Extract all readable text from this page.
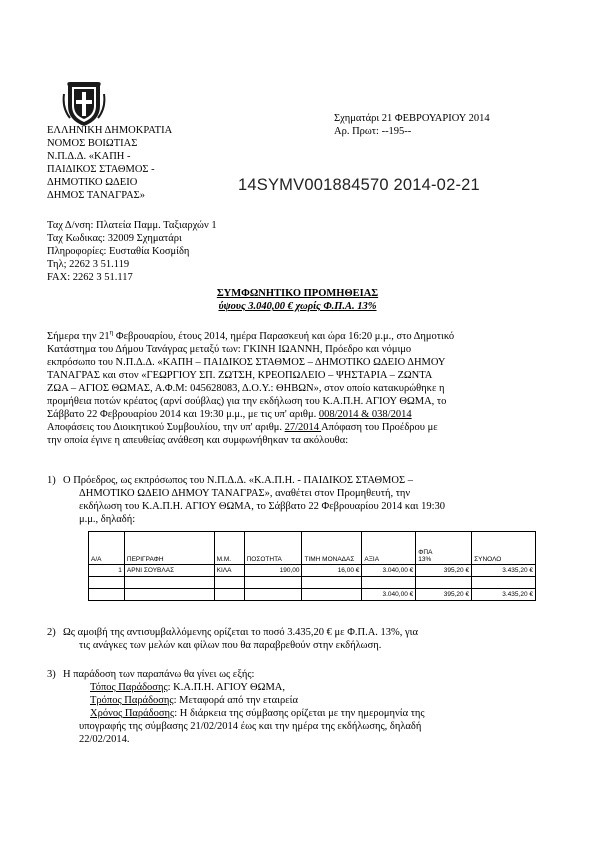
ΕΛΛΗΝΙΚΗ ΔΗΜΟΚΡΑΤΙΑ
ΝΟΜΟΣ ΒΟΙΩΤΙΑΣ
Ν.Π.Δ.Δ. «ΚΑΠΗ -
ΠΑΙΔΙΚΟΣ ΣΤΑΘΜΟΣ -
ΔΗΜΟΤΙΚΟ ΩΔΕΙΟ
ΔΗΜΟΣ ΤΑΝΑΓΡΑΣ»
Σχηματάρι 21 ΦΕΒΡΟΥΑΡΙΟΥ 2014
Αρ. Πρωτ: --195--
14SYMV001884570 2014-02-21
Ταχ Δ/νση: Πλατεία Παμμ. Ταξιαρχών 1
Ταχ Κωδικας: 32009 Σχηματάρι
Πληροφορίες: Ευσταθία Κοσμίδη
Τηλ; 2262 3 51.119
FAX: 2262 3 51.117
ΣΥΜΦΩΝΗΤΙΚΟ ΠΡΟΜΗΘΕΙΑΣ
ύψους 3.040,00 € χωρίς Φ.Π.Α. 13%
Σήμερα την $21^\eta$ Φεβρουαρίου, έτους 2014, ημέρα Παρασκευή και ώρα 16:20 μ.μ., στο Δημοτικό
Κατάστημα του Δήμου Τανάγρας μεταξύ των: ΓΚΙΝΗ ΙΩΑΝΝΗ, Πρόεδρο και νόμιμο
εκπρόσωπο του Ν.Π.Δ.Δ. «ΚΑΠΗ – ΠΑΙΔΙΚΟΣ ΣΤΑΘΜΟΣ – ΔΗΜΟΤΙΚΟ ΩΔΕΙΟ ΔΗΜΟΥ
ΤΑΝΑΓΡΑΣ και στον «ΓΕΩΡΓΙΟΥ ΣΠ. ΖΩΤΣΗ, ΚΡΕΟΠΩΛΕΙΟ – ΨΗΣΤΑΡΙΑ – ΖΩΝΤΑ
ΖΩΑ – ΑΓΙΟΣ ΘΩΜΑΣ, Α.Φ.Μ: 045628083, Δ.Ο.Υ.: ΘΗΒΩΝ», στον οποίο κατακυρώθηκε η
προμήθεια ποτών κρέατος (αρνί σούβλας) για την εκδήλωση του Κ.Α.Π.Η. ΑΓΙΟΥ ΘΩΜΑ, το
Σάββατο 22 Φεβρουαρίου 2014 και 19:30 μ.μ., με τις υπ' αριθμ. 008/2014 & 038/2014
Αποφάσεις του Διοικητικού Συμβουλίου, την υπ' αριθμ. 27/2014 Απόφαση του Προέδρου με
την οποία έγινε η απευθείας ανάθεση και συμφωνήθηκαν τα ακόλουθα:
1) Ο Πρόεδρος, ως εκπρόσωπος του Ν.Π.Δ.Δ. «Κ.Α.Π.Η. - ΠΑΙΔΙΚΟΣ ΣΤΑΘΜΟΣ –
ΔΗΜΟΤΙΚΟ ΩΔΕΙΟ ΔΗΜΟΥ ΤΑΝΑΓΡΑΣ», αναθέτει στον Προμηθευτή, την
εκδήλωση του Κ.Α.Π.Η. ΑΓΙΟΥ ΘΩΜΑ, το Σάββατο 22 Φεβρουαρίου 2014 και 19:30
μ.μ., δηλαδή:
Α/Α	ΠΕΡΙΓΡΑΦΗ	Μ.Μ.	ΠΟΣΟΤΗΤΑ	ΤΙΜΗ ΜΟΝΑΔΑΣ	ΑΞΙΑ	ΦΠΑ
13%	ΣΥΝΟΛΟ
1	ΑΡΝΙ ΣΟΥΒΛΑΣ	ΚΙΛΑ	190,00	16,00 €	3.040,00 €	395,20 €	3.435,20 €

					3.040,00 €	395,20 €	3.435,20 €
2) Ως αμοιβή της αντισυμβαλλόμενης ορίζεται το ποσό 3.435,20 € με Φ.Π.Α. 13%, για
τις ανάγκες των μελών και φίλων που θα παραβρεθούν στην εκδήλωση.
3) Η παράδοση των παραπάνω θα γίνει ως εξής:
Τόπος Παράδοσης: Κ.Α.Π.Η. ΑΓΙΟΥ ΘΩΜΑ,
Τρόπος Παράδοσης: Μεταφορά από την εταιρεία
Χρόνος Παράδοσης: Η διάρκεια της σύμβασης ορίζεται με την ημερομηνία της
υπογραφής της σύμβασης 21/02/2014 έως και την ημέρα της εκδήλωσης, δηλαδή
22/02/2014.
